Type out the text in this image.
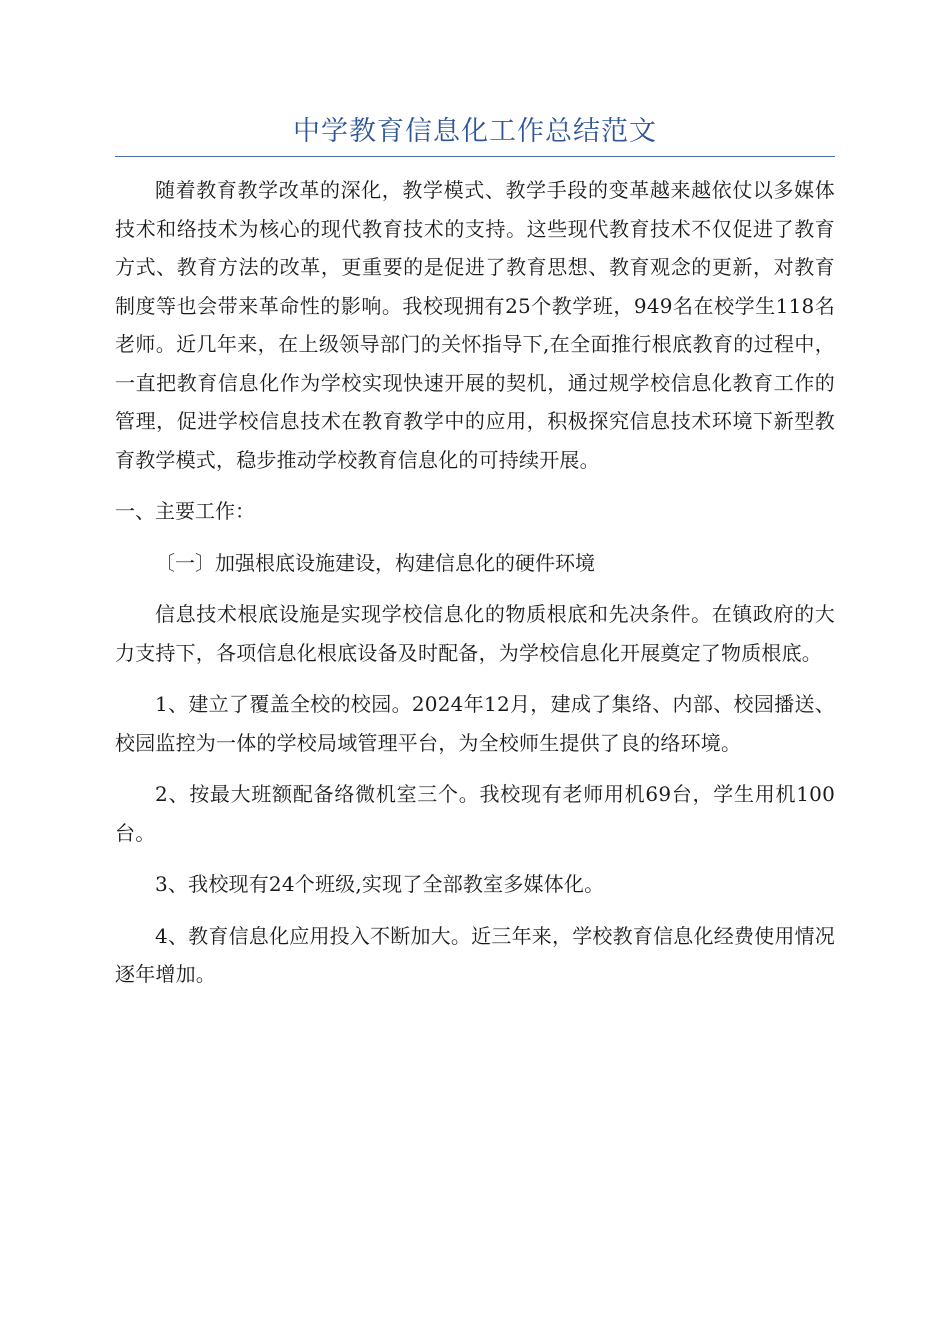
中学教育信息化工作总结范文

随着教育教学改革的深化，教学模式、教学手段的变革越来越依仗以多媒体技术和络技术为核心的现代教育技术的支持。这些现代教育技术不仅促进了教育方式、教育方法的改革，更重要的是促进了教育思想、教育观念的更新，对教育制度等也会带来革命性的影响。我校现拥有25个教学班，949名在校学生118名老师。近几年来，在上级领导部门的关怀指导下,在全面推行根底教育的过程中，一直把教育信息化作为学校实现快速开展的契机，通过规学校信息化教育工作的管理，促进学校信息技术在教育教学中的应用，积极探究信息技术环境下新型教育教学模式，稳步推动学校教育信息化的可持续开展。

一、主要工作：

〔一〕加强根底设施建设，构建信息化的硬件环境

信息技术根底设施是实现学校信息化的物质根底和先决条件。在镇政府的大力支持下，各项信息化根底设备及时配备，为学校信息化开展奠定了物质根底。

1、建立了覆盖全校的校园。2024年12月，建成了集络、内部、校园播送、校园监控为一体的学校局域管理平台，为全校师生提供了良的络环境。

2、按最大班额配备络微机室三个。我校现有老师用机69台，学生用机100台。

3、我校现有24个班级,实现了全部教室多媒体化。

4、教育信息化应用投入不断加大。近三年来，学校教育信息化经费使用情况逐年增加。
